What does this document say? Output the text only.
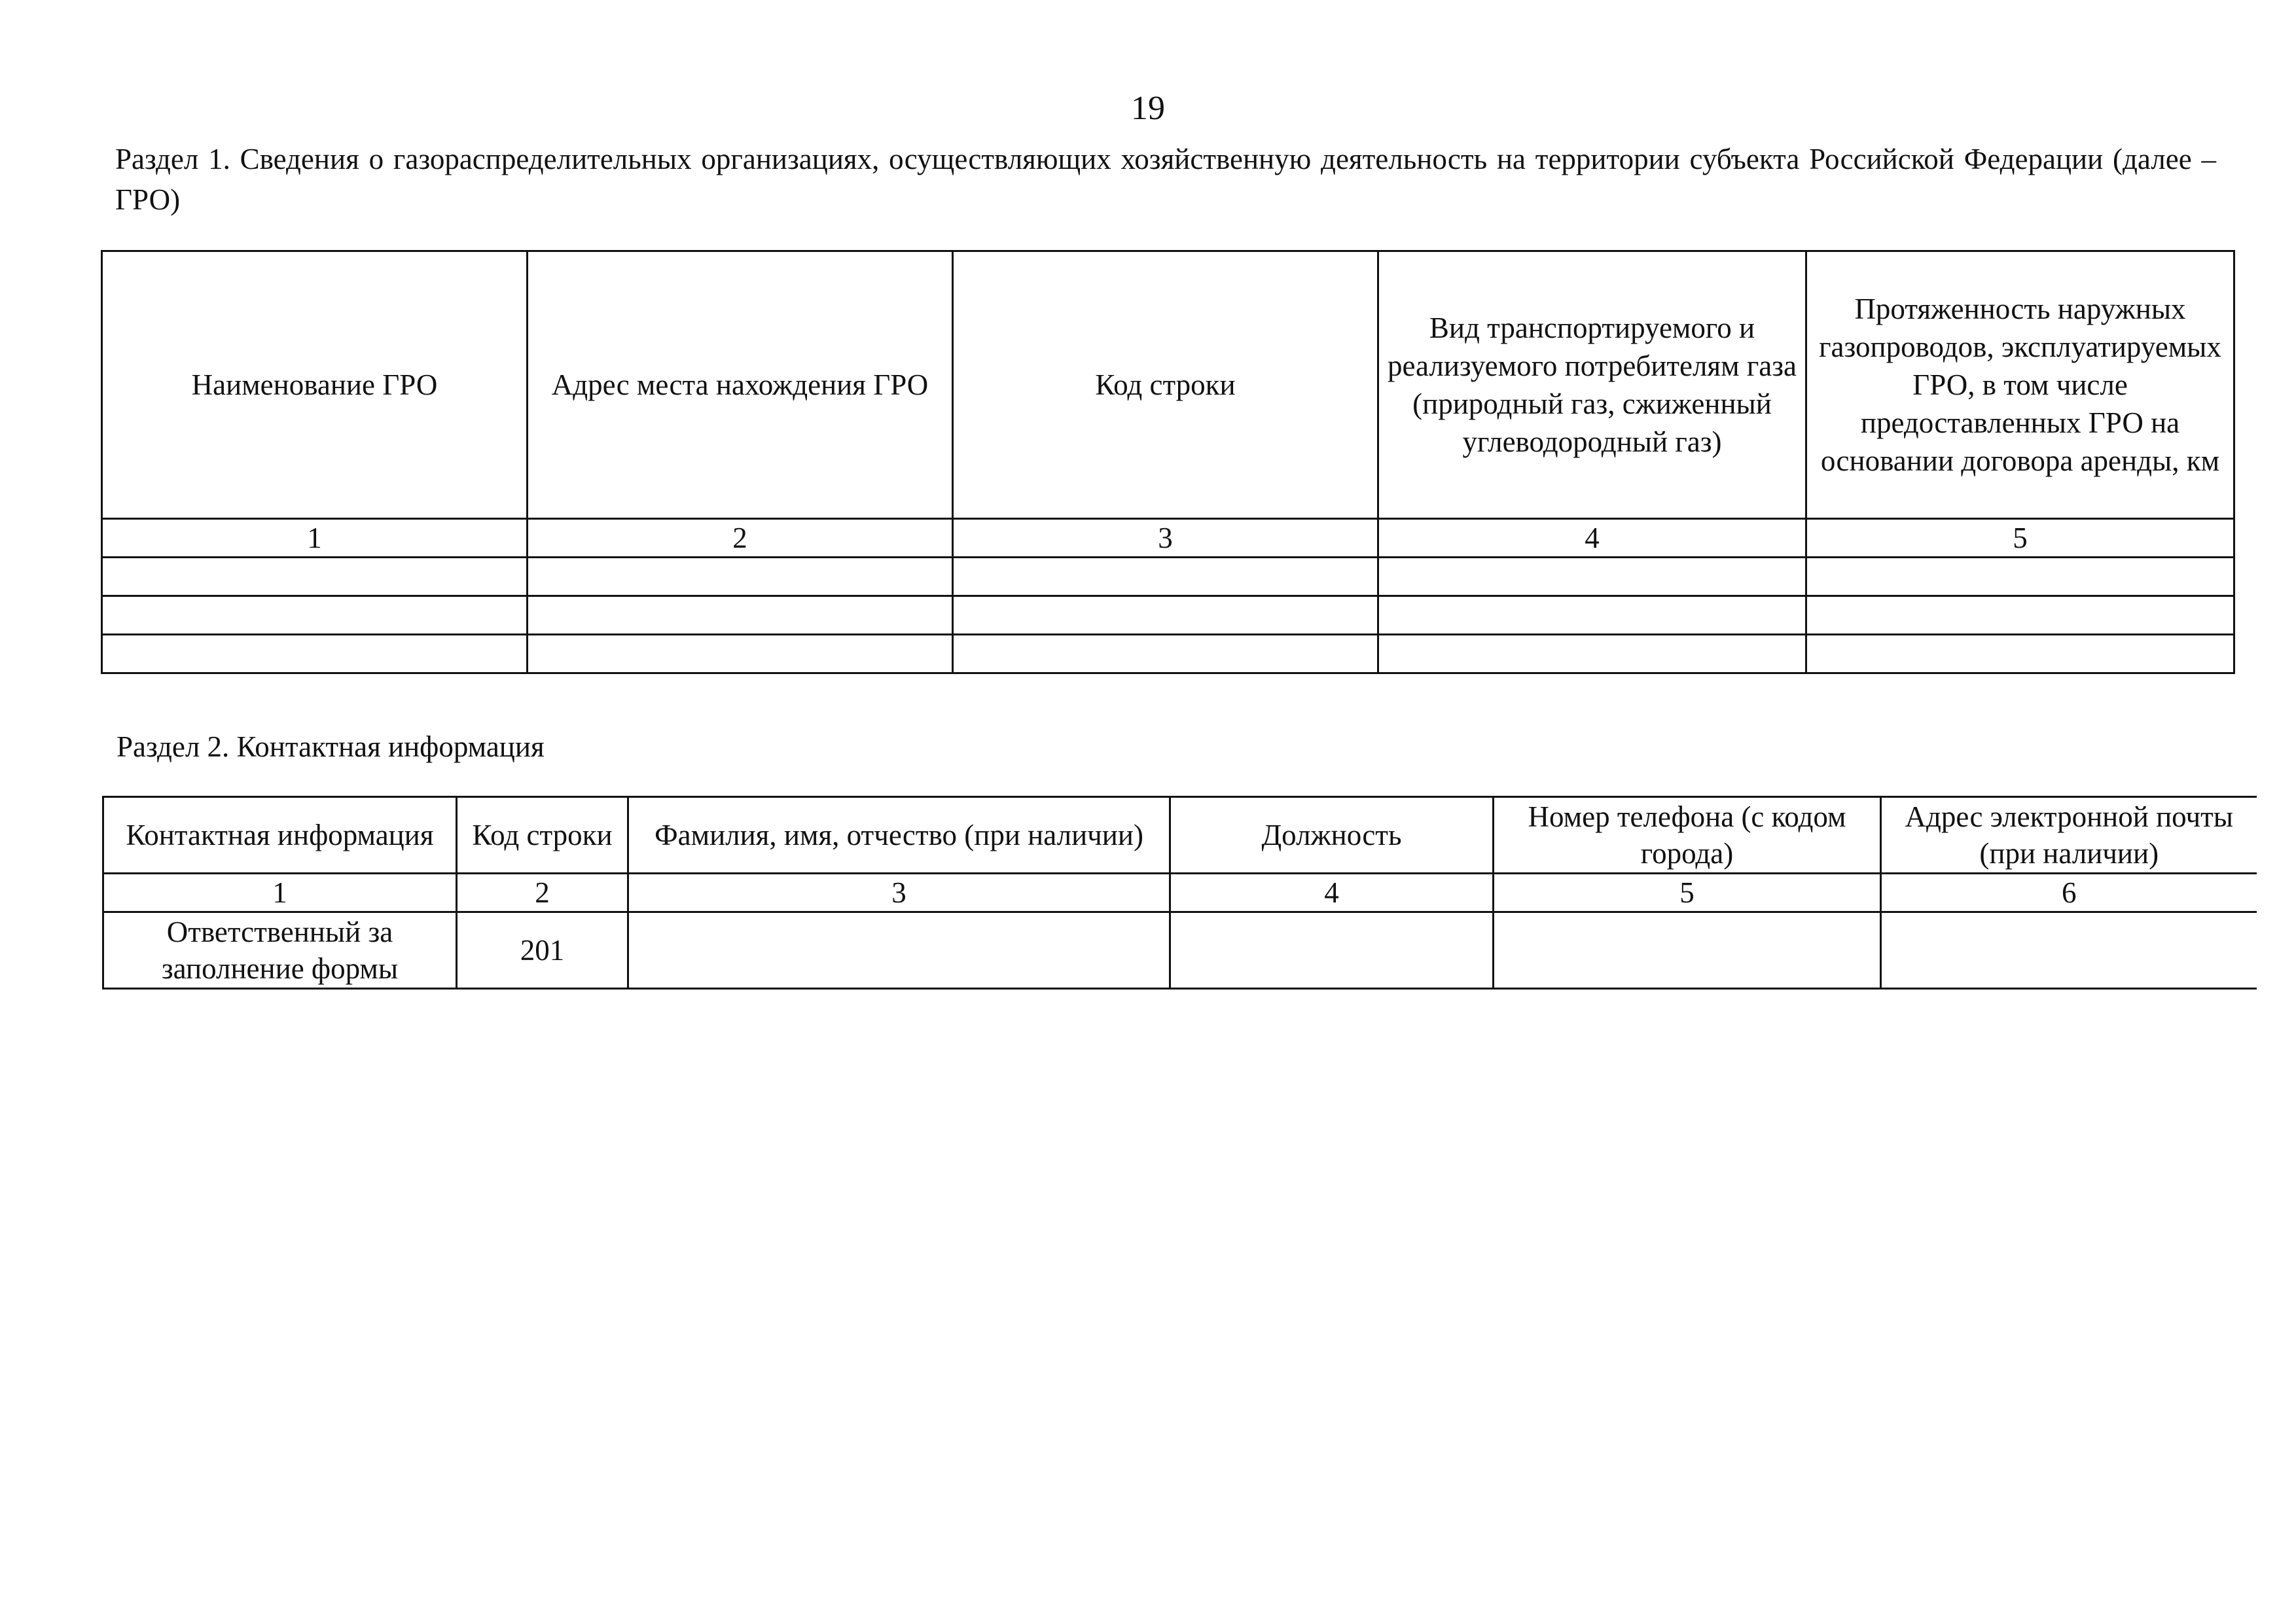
19
Раздел 1. Сведения о газораспределительных организациях, осуществляющих хозяйственную деятельность на территории субъекта Российской Федерации (далее – ГРО)
Наименование ГРО	Адрес места нахождения ГРО	Код строки	Вид транспортируемого и реализуемого потребителям газа (природный газ, сжиженный углеводородный газ)	Протяженность наружных газопроводов, эксплуатируемых ГРО, в том числе предоставленных ГРО на основании договора аренды, км
1	2	3	4	5

Раздел 2. Контактная информация
Контактная информация	Код строки	Фамилия, имя, отчество (при наличии)	Должность	Номер телефона (с кодом города)	Адрес электронной почты (при наличии)
1	2	3	4	5	6
Ответственный за заполнение формы	201				
